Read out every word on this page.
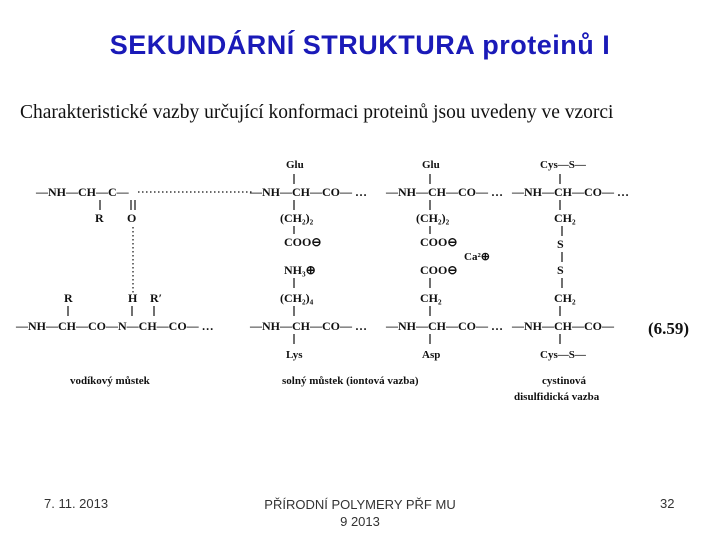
SEKUNDÁRNÍ STRUKTURA proteinů I
Charakteristické vazby určující konformaci proteinů jsou uvedeny ve vzorci
—NH—CH—C—
R O
R	H R′
—NH—CH—CO—N—CH—CO— …
vodíkový můstek
Glu
—NH—CH—CO— …
(CH₂)₂
COO⊖
NH₃⊕
(CH₂)₄
—NH—CH—CO— …
Lys
solný můstek (iontová vazba)
Glu
—NH—CH—CO— …
(CH₂)₂
COO⊖
Ca²⊕
COO⊖
CH₂
—NH—CH—CO— …
Asp
Cys—S—
—NH—CH—CO— …
CH₂
S
S
CH₂
—NH—CH—CO—
Cys—S—
cystinová
disulfidická vazba
(6.59)
7. 11. 2013	PŘÍRODNÍ POLYMERY PŘF MU
9 2013
32
